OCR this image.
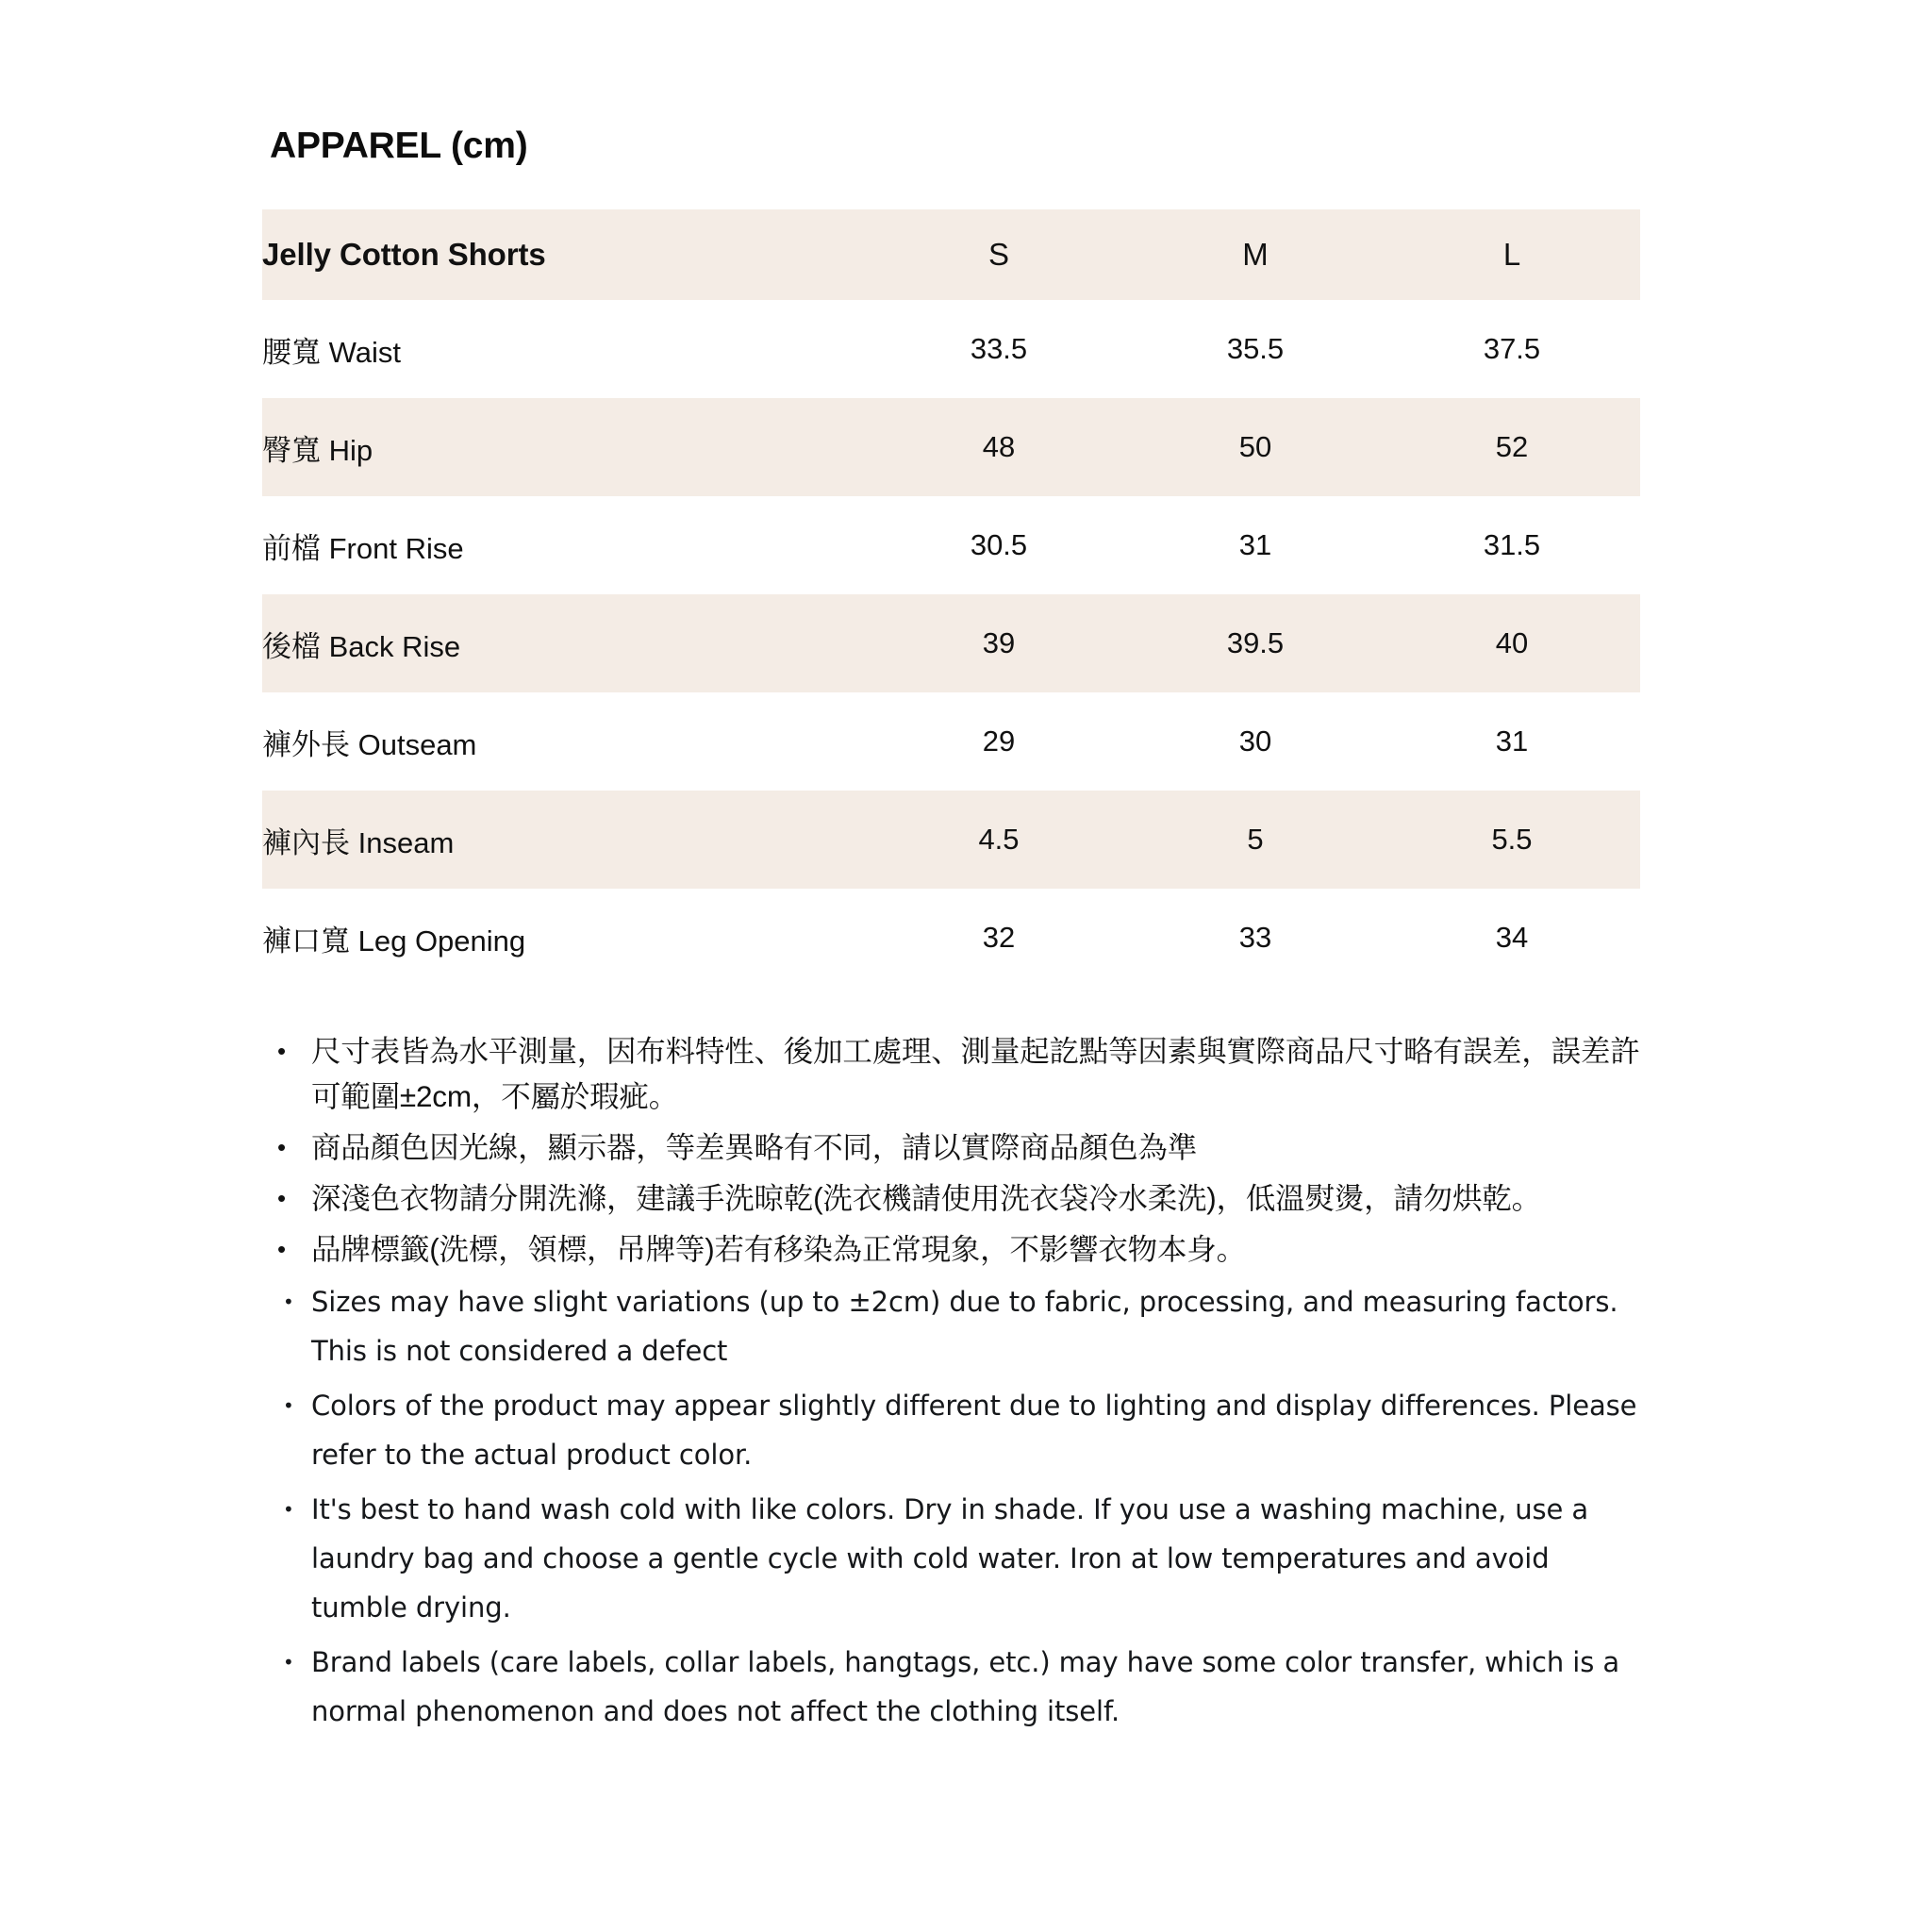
APPAREL (cm)
Jelly Cotton Shorts	S	M	L
腰寬 Waist	33.5	35.5	37.5
臀寬 Hip	48	50	52
前檔 Front Rise	30.5	31	31.5
後檔 Back Rise	39	39.5	40
褲外長 Outseam	29	30	31
褲內長 Inseam	4.5	5	5.5
褲口寬 Leg Opening	32	33	34
• 尺寸表皆為水平測量，因布料特性、後加工處理、測量起訖點等因素與實際商品尺寸略有誤差，誤差許可範圍±2cm，不屬於瑕疵。
• 商品顏色因光線，顯示器，等差異略有不同，請以實際商品顏色為準
• 深淺色衣物請分開洗滌，建議手洗晾乾(洗衣機請使用洗衣袋冷水柔洗)，低溫熨燙，請勿烘乾。
• 品牌標籤(洗標，領標，吊牌等)若有移染為正常現象，不影響衣物本身。
• Sizes may have slight variations (up to ±2cm) due to fabric, processing, and measuring factors. This is not considered a defect
• Colors of the product may appear slightly different due to lighting and display differences. Please refer to the actual product color.
• It's best to hand wash cold with like colors. Dry in shade. If you use a washing machine, use a laundry bag and choose a gentle cycle with cold water. Iron at low temperatures and avoid tumble drying.
• Brand labels (care labels, collar labels, hangtags, etc.) may have some color transfer, which is a normal phenomenon and does not affect the clothing itself.
